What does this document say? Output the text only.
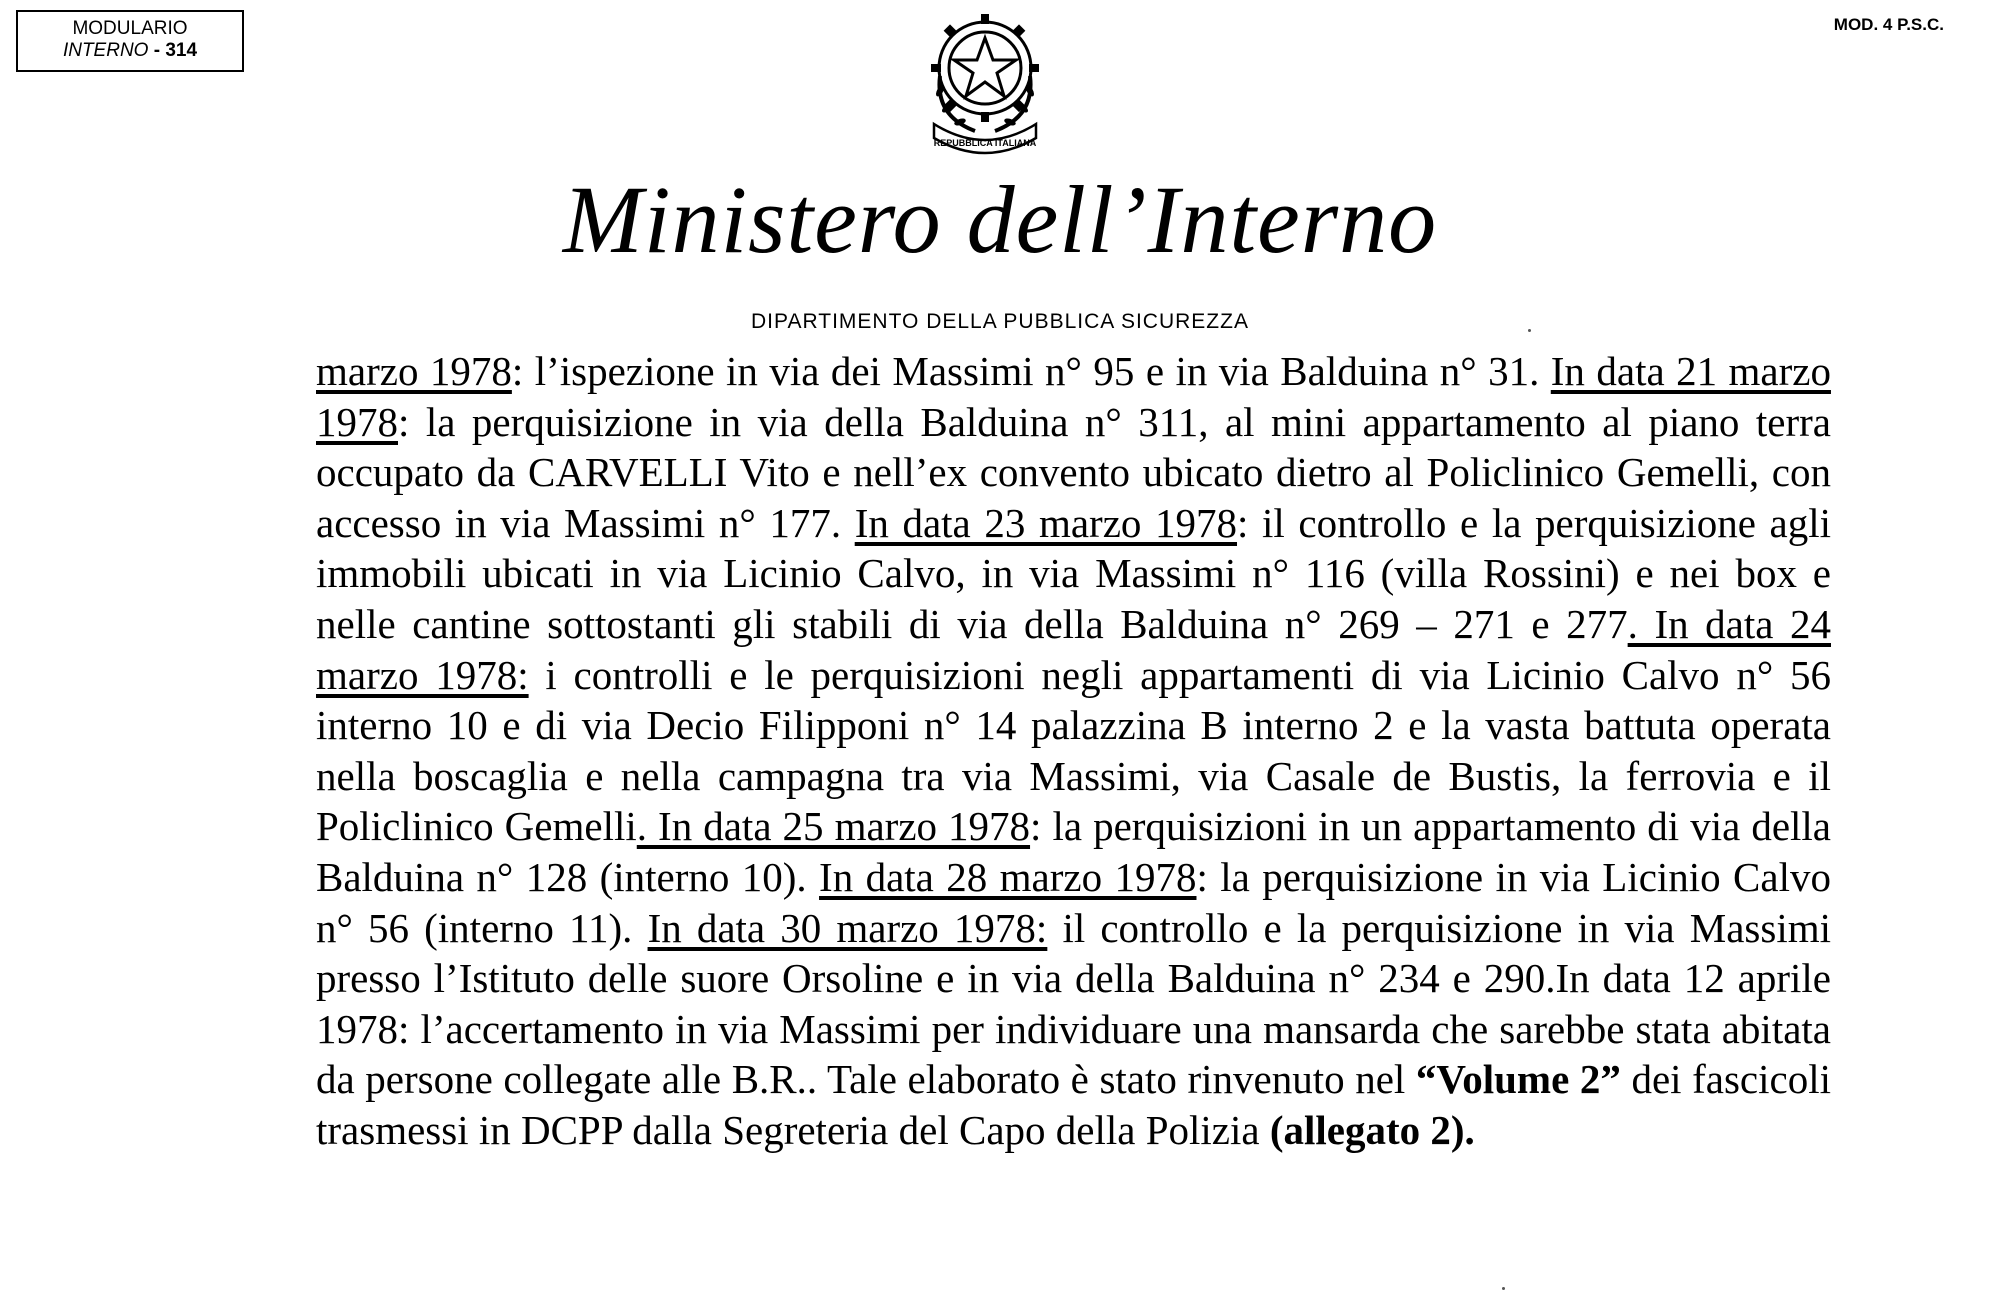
MODULARIO
INTERNO - 314
MOD. 4 P.S.C.
REPUBBLICA ITALIANA
Ministero dell’Interno
DIPARTIMENTO DELLA PUBBLICA SICUREZZA
marzo 1978: l’ispezione in via dei Massimi n° 95 e in via Balduina n° 31. In data 21 marzo 1978: la perquisizione in via della Balduina n° 311, al mini appartamento al piano terra occupato da CARVELLI Vito e nell’ex convento ubicato dietro al Policlinico Gemelli, con accesso in via Massimi n° 177. In data 23 marzo 1978: il controllo e la perquisizione agli immobili ubicati in via Licinio Calvo, in via Massimi n° 116 (villa Rossini) e nei box e nelle cantine sottostanti gli stabili di via della Balduina n° 269 – 271 e 277. In data 24 marzo 1978: i controlli e le perquisizioni negli appartamenti di via Licinio Calvo n° 56 interno 10 e di via Decio Filipponi n° 14 palazzina B interno 2 e la vasta battuta operata nella boscaglia e nella campagna tra via Massimi, via Casale de Bustis, la ferrovia e il Policlinico Gemelli. In data 25 marzo 1978: la perquisizioni in un appartamento di via della Balduina n° 128 (interno 10). In data 28 marzo 1978: la perquisizione in via Licinio Calvo n° 56 (interno 11). In data 30 marzo 1978: il controllo e la perquisizione in via Massimi presso l’Istituto delle suore Orsoline e in via della Balduina n° 234 e 290.In data 12 aprile 1978: l’accertamento in via Massimi per individuare una mansarda che sarebbe stata abitata da persone collegate alle B.R.. Tale elaborato è stato rinvenuto nel “Volume 2” dei fascicoli trasmessi in DCPP dalla Segreteria del Capo della Polizia (allegato 2).
